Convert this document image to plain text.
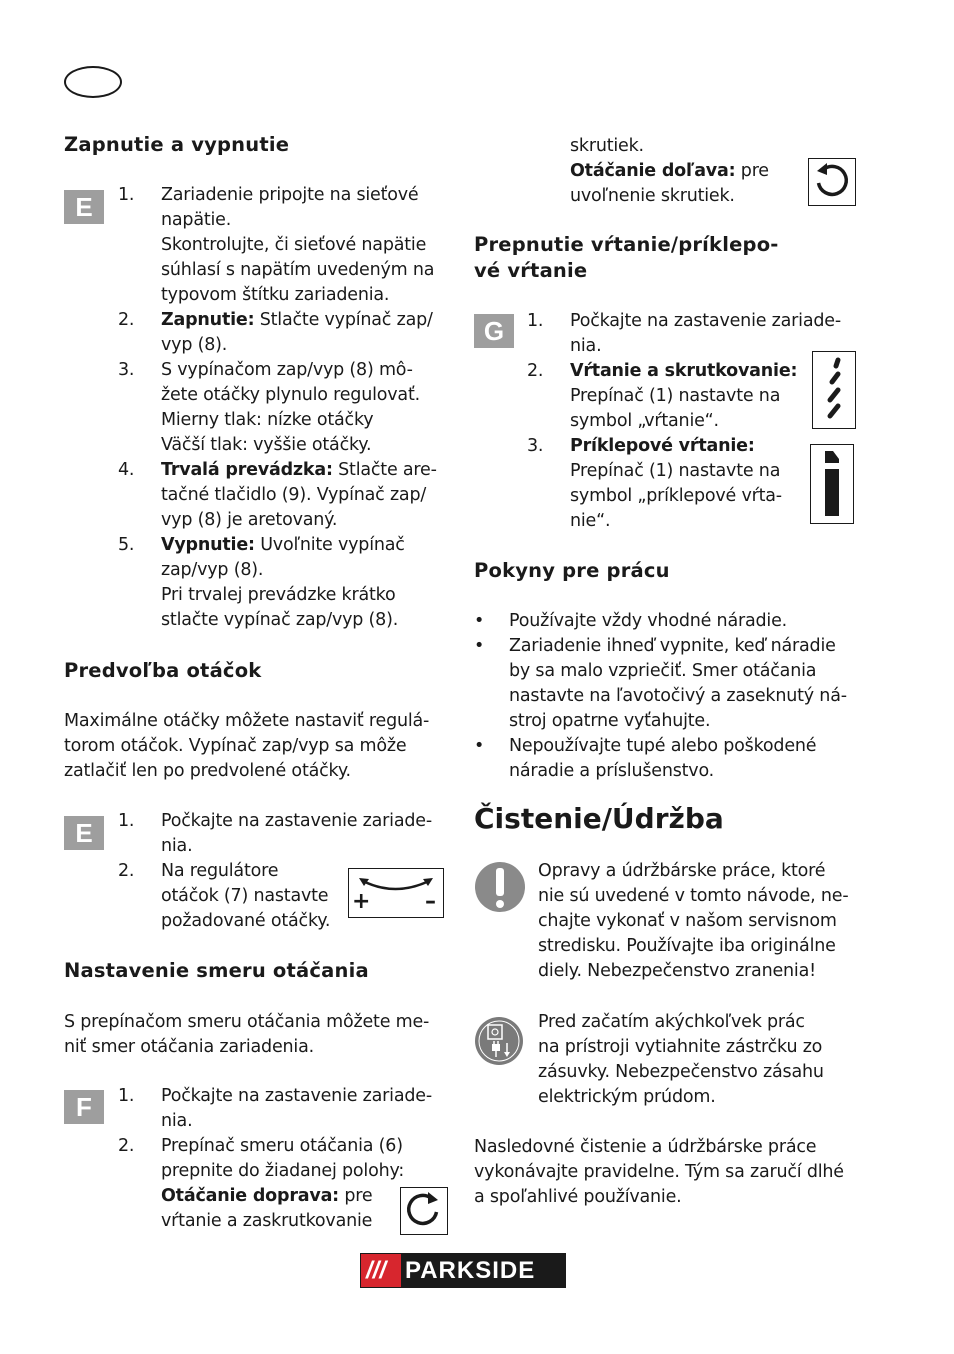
Zapnutie a vypnutie
E	1.	Zariadenie pripojte na sieťové
napätie.
Skontrolujte, či sieťové napätie
súhlasí s napätím uvedeným na
typovom štítku zariadenia.
2.	Zapnutie: Stlačte vypínač zap/
vyp (8).
3.	S vypínačom zap/vyp (8) mô-
žete otáčky plynulo regulovať.
Mierny tlak: nízke otáčky
Väčší tlak: vyššie otáčky.
4.	Trvalá prevádzka: Stlačte are-
tačné tlačidlo (9). Vypínač zap/
vyp (8) je aretovaný.
5.	Vypnutie: Uvoľnite vypínač
zap/vyp (8).
Pri trvalej prevádzke krátko
stlačte vypínač zap/vyp (8).
Predvoľba otáčok
Maximálne otáčky môžete nastaviť regulá-
torom otáčok. Vypínač zap/vyp sa môže
zatlačiť len po predvolené otáčky.
E	1.	Počkajte na zastavenie zariade-
nia.
2.	Na regulátore
otáčok (7) nastavte
požadované otáčky.
+ –
Nastavenie smeru otáčania
S prepínačom smeru otáčania môžete me-
niť smer otáčania zariadenia.
F	1.	Počkajte na zastavenie zariade-
nia.
2.	Prepínač smeru otáčania (6)
prepnite do žiadanej polohy:
Otáčanie doprava: pre
vŕtanie a zaskrutkovanie
skrutiek.
Otáčanie doľava: pre
uvoľnenie skrutiek.
Prepnutie vŕtanie/príklepo-
vé vŕtanie
G	1.	Počkajte na zastavenie zariade-
nia.
2.	Vŕtanie a skrutkovanie:
Prepínač (1) nastavte na
symbol „vŕtanie“.
3.	Príklepové vŕtanie:
Prepínač (1) nastavte na
symbol „príklepové vŕta-
nie“.
Pokyny pre prácu
•	Používajte vždy vhodné náradie.
•	Zariadenie ihneď vypnite, keď náradie
by sa malo vzpriečiť. Smer otáčania
nastavte na ľavotočivý a zaseknutý ná-
stroj opatrne vyťahujte.
•	Nepoužívajte tupé alebo poškodené
náradie a príslušenstvo.
Čistenie/Údržba
Opravy a údržbárske práce, ktoré
nie sú uvedené v tomto návode, ne-
chajte vykonať v našom servisnom
stredisku. Používajte iba originálne
diely. Nebezpečenstvo zranenia!
Pred začatím akýchkoľvek prác
na prístroji vytiahnite zástrčku zo
zásuvky. Nebezpečenstvo zásahu
elektrickým prúdom.
Nasledovné čistenie a údržbárske práce
vykonávajte pravidelne. Tým sa zaručí dlhé
a spoľahlivé používanie.
/// PARKSIDE
